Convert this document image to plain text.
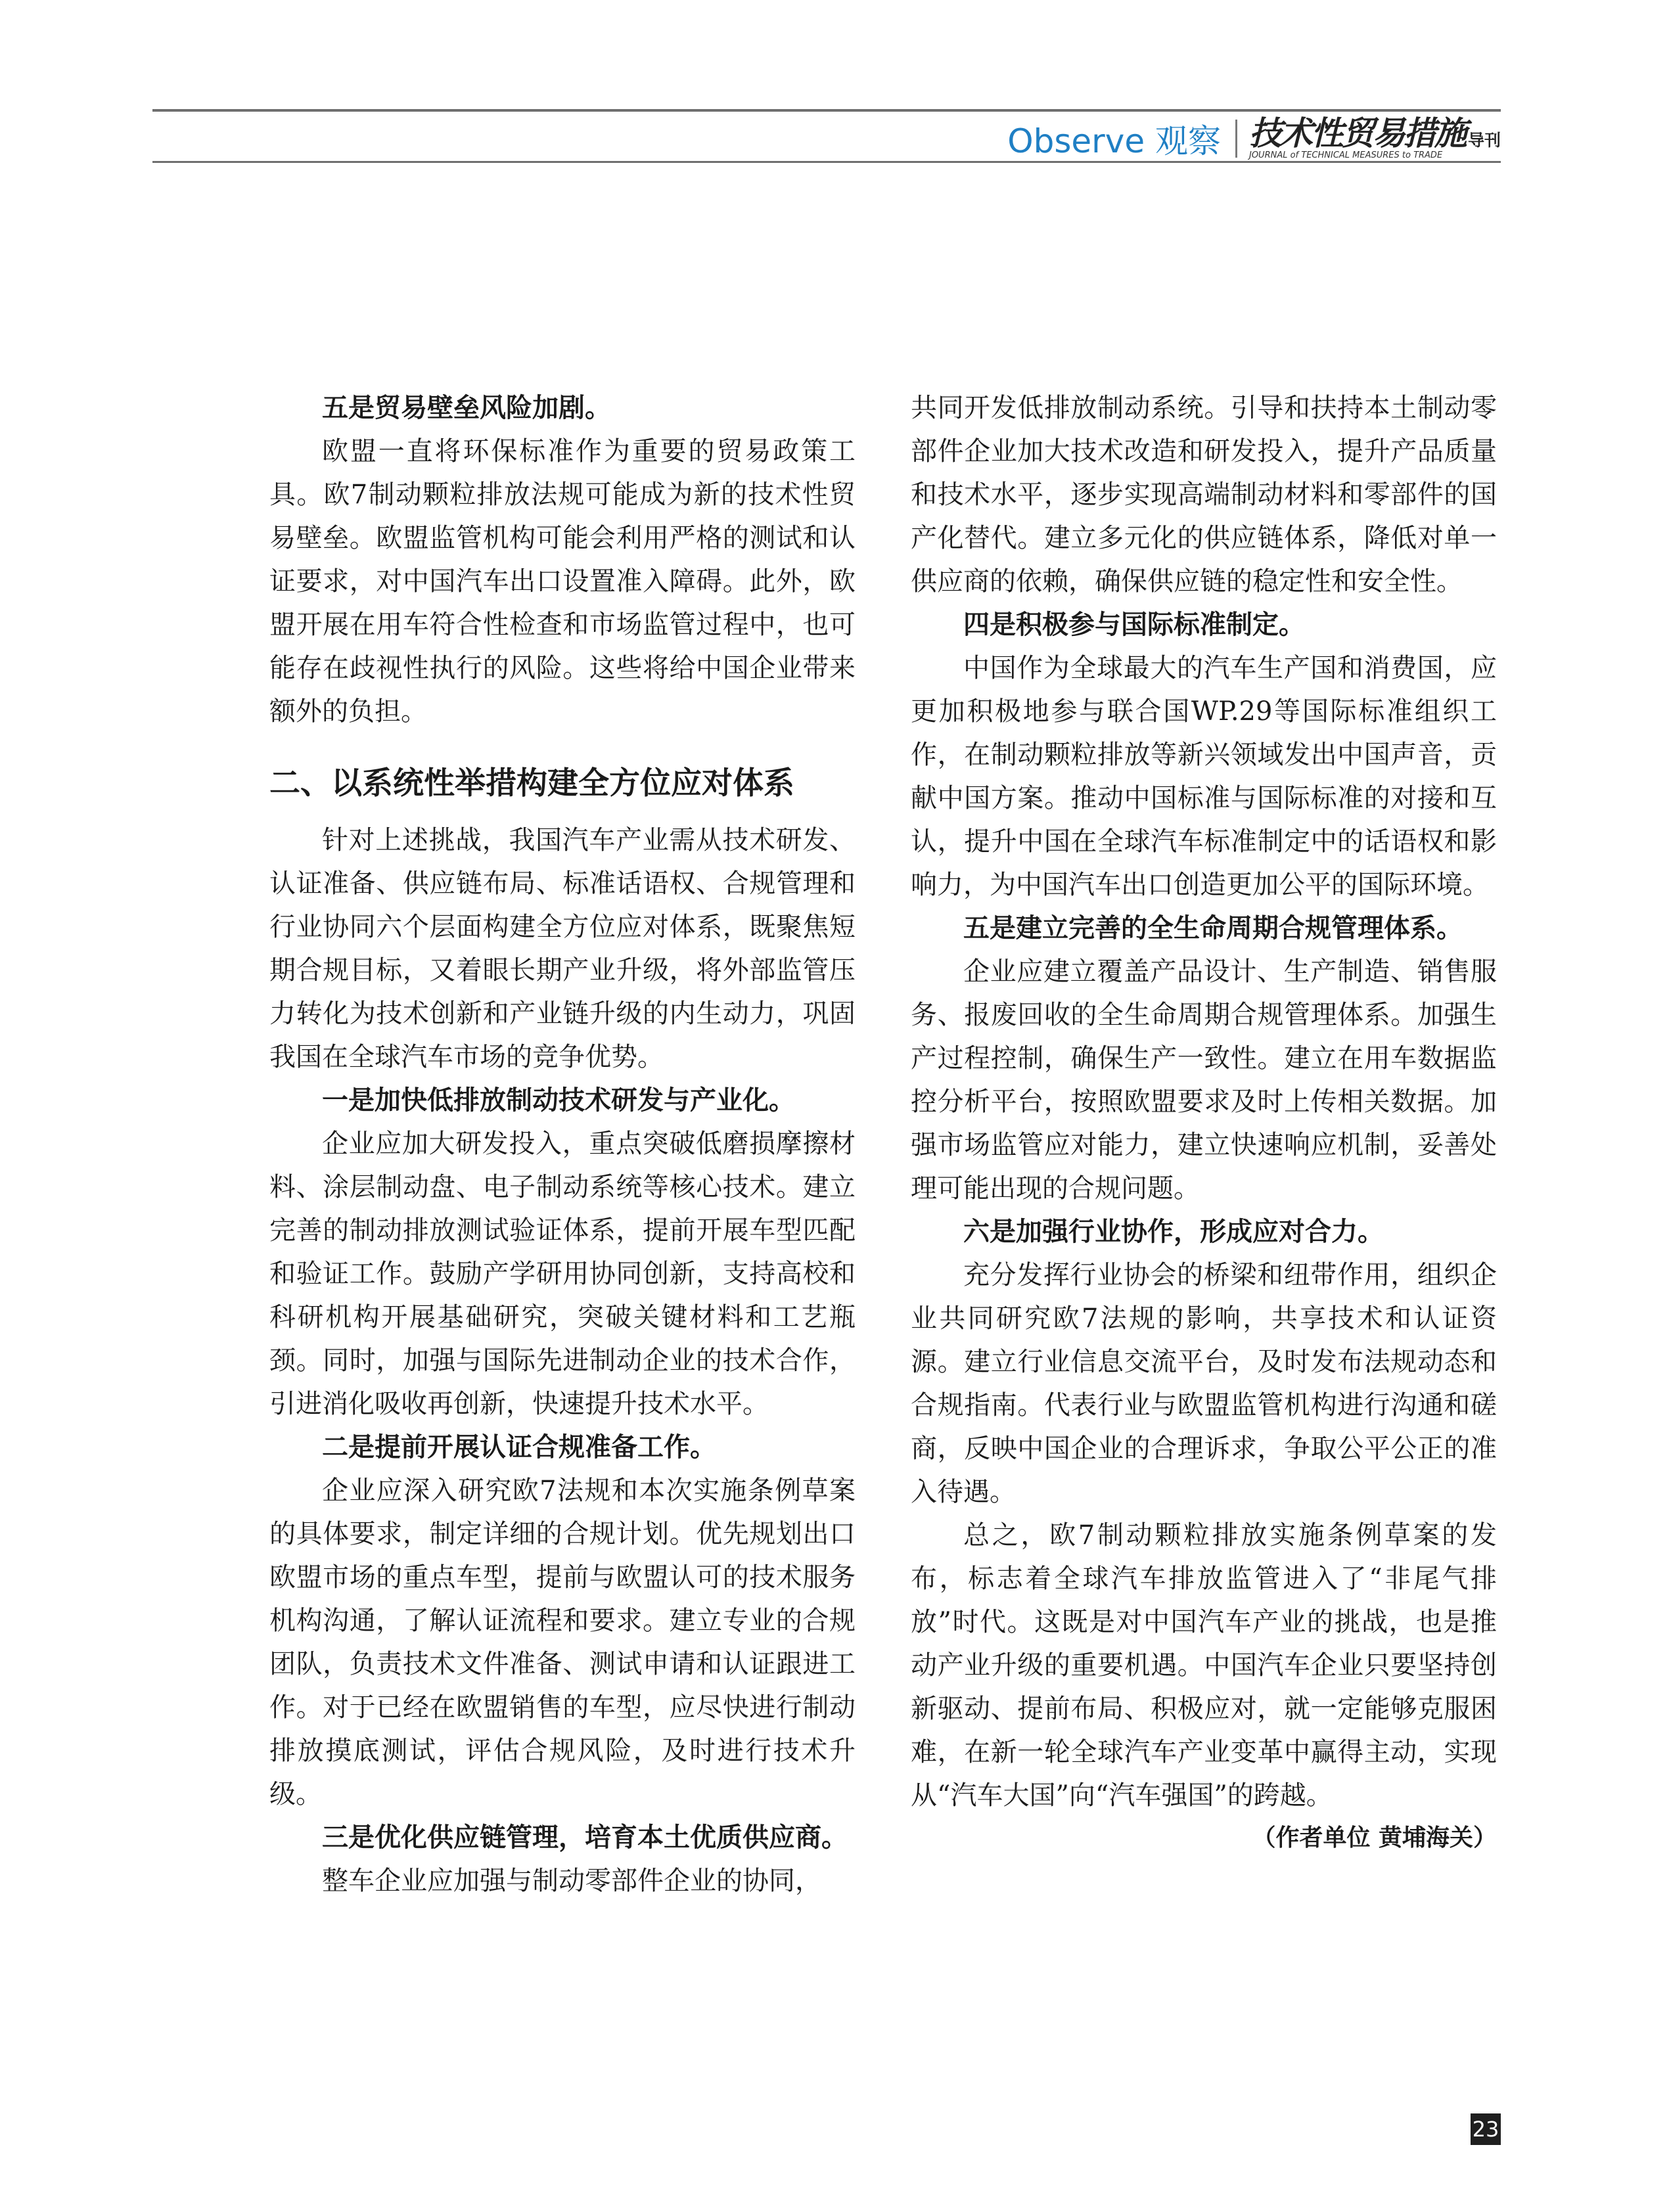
Observe 观察 技术性贸易措施 导刊
JOURNAL of TECHNICAL MEASURES to TRADE

五是贸易壁垒风险加剧。

欧盟一直将环保标准作为重要的贸易政策工具。欧7制动颗粒排放法规可能成为新的技术性贸易壁垒。欧盟监管机构可能会利用严格的测试和认证要求，对中国汽车出口设置准入障碍。此外，欧盟开展在用车符合性检查和市场监管过程中，也可能存在歧视性执行的风险。这些将给中国企业带来额外的负担。

二、以系统性举措构建全方位应对体系

针对上述挑战，我国汽车产业需从技术研发、认证准备、供应链布局、标准话语权、合规管理和行业协同六个层面构建全方位应对体系，既聚焦短期合规目标，又着眼长期产业升级，将外部监管压力转化为技术创新和产业链升级的内生动力，巩固我国在全球汽车市场的竞争优势。

一是加快低排放制动技术研发与产业化。

企业应加大研发投入，重点突破低磨损摩擦材料、涂层制动盘、电子制动系统等核心技术。建立完善的制动排放测试验证体系，提前开展车型匹配和验证工作。鼓励产学研用协同创新，支持高校和科研机构开展基础研究，突破关键材料和工艺瓶颈。同时，加强与国际先进制动企业的技术合作，引进消化吸收再创新，快速提升技术水平。

二是提前开展认证合规准备工作。

企业应深入研究欧7法规和本次实施条例草案的具体要求，制定详细的合规计划。优先规划出口欧盟市场的重点车型，提前与欧盟认可的技术服务机构沟通，了解认证流程和要求。建立专业的合规团队，负责技术文件准备、测试申请和认证跟进工作。对于已经在欧盟销售的车型，应尽快进行制动排放摸底测试，评估合规风险，及时进行技术升级。

三是优化供应链管理，培育本土优质供应商。

整车企业应加强与制动零部件企业的协同，

共同开发低排放制动系统。引导和扶持本土制动零部件企业加大技术改造和研发投入，提升产品质量和技术水平，逐步实现高端制动材料和零部件的国产化替代。建立多元化的供应链体系，降低对单一供应商的依赖，确保供应链的稳定性和安全性。

四是积极参与国际标准制定。

中国作为全球最大的汽车生产国和消费国，应更加积极地参与联合国WP.29等国际标准组织工作，在制动颗粒排放等新兴领域发出中国声音，贡献中国方案。推动中国标准与国际标准的对接和互认，提升中国在全球汽车标准制定中的话语权和影响力，为中国汽车出口创造更加公平的国际环境。

五是建立完善的全生命周期合规管理体系。

企业应建立覆盖产品设计、生产制造、销售服务、报废回收的全生命周期合规管理体系。加强生产过程控制，确保生产一致性。建立在用车数据监控分析平台，按照欧盟要求及时上传相关数据。加强市场监管应对能力，建立快速响应机制，妥善处理可能出现的合规问题。

六是加强行业协作，形成应对合力。

充分发挥行业协会的桥梁和纽带作用，组织企业共同研究欧7法规的影响，共享技术和认证资源。建立行业信息交流平台，及时发布法规动态和合规指南。代表行业与欧盟监管机构进行沟通和磋商，反映中国企业的合理诉求，争取公平公正的准入待遇。

总之，欧7制动颗粒排放实施条例草案的发布，标志着全球汽车排放监管进入了“非尾气排放”时代。这既是对中国汽车产业的挑战，也是推动产业升级的重要机遇。中国汽车企业只要坚持创新驱动、提前布局、积极应对，就一定能够克服困难，在新一轮全球汽车产业变革中赢得主动，实现从“汽车大国”向“汽车强国”的跨越。

（作者单位 黄埔海关）

23
